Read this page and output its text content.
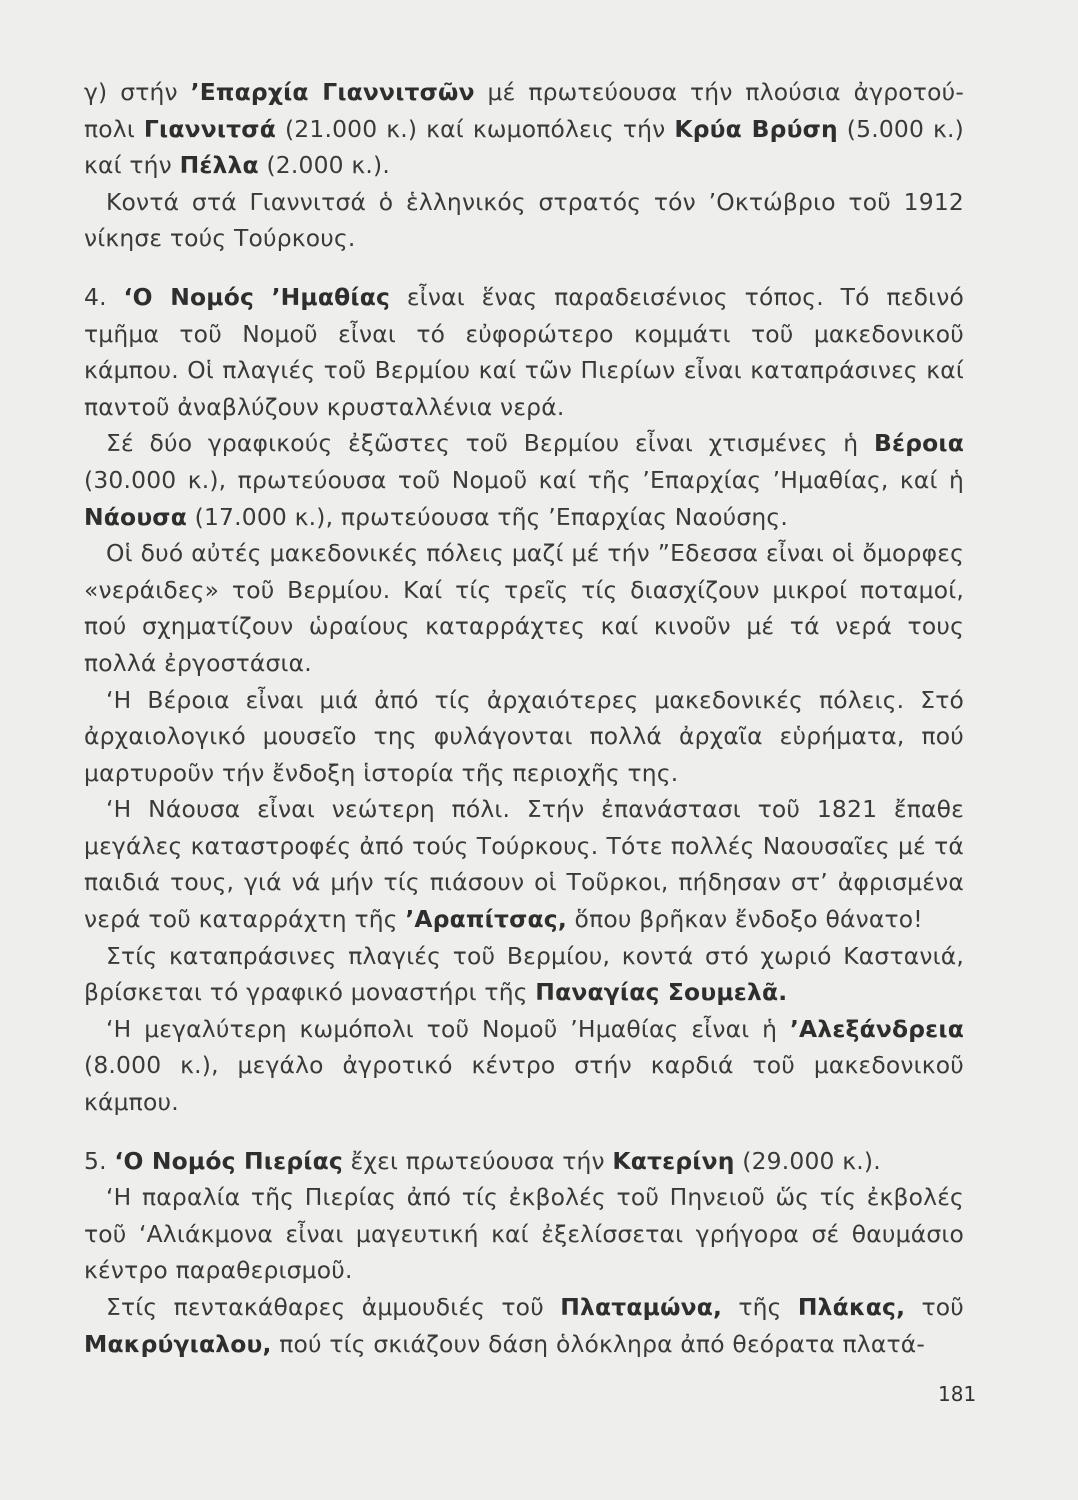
γ) στήν ’Επαρχία Γιαννιτσῶν μέ πρωτεύουσα τήν πλούσια ἀγροτού-πολι Γιαννιτσά (21.000 κ.) καί κωμοπόλεις τήν Κρύα Βρύση (5.000 κ.) καί τήν Πέλλα (2.000 κ.).

Κοντά στά Γιαννιτσά ὁ ἑλληνικός στρατός τόν ’Οκτώβριο τοῦ 1912 νίκησε τούς Τούρκους.

4. ‘Ο Νομός ’Ημαθίας εἶναι ἕνας παραδεισένιος τόπος. Τό πεδινό τμῆμα τοῦ Νομοῦ εἶναι τό εὐφορώτερο κομμάτι τοῦ μακεδονικοῦ κάμπου. Οἱ πλαγιές τοῦ Βερμίου καί τῶν Πιερίων εἶναι καταπράσινες καί παντοῦ ἀναβλύζουν κρυσταλλένια νερά.

Σέ δύο γραφικούς ἐξῶστες τοῦ Βερμίου εἶναι χτισμένες ἡ Βέροια (30.000 κ.), πρωτεύουσα τοῦ Νομοῦ καί τῆς ’Επαρχίας ’Ημαθίας, καί ἡ Νάουσα (17.000 κ.), πρωτεύουσα τῆς ’Επαρχίας Ναούσης.

Οἱ δυό αὐτές μακεδονικές πόλεις μαζί μέ τήν ”Εδεσσα εἶναι οἱ ὄμορφες «νεράιδες» τοῦ Βερμίου. Καί τίς τρεῖς τίς διασχίζουν μικροί ποταμοί, πού σχηματίζουν ὡραίους καταρράχτες καί κινοῦν μέ τά νερά τους πολλά ἐργοστάσια.

‘Η Βέροια εἶναι μιά ἀπό τίς ἀρχαιότερες μακεδονικές πόλεις. Στό ἀρχαιολογικό μουσεῖο της φυλάγονται πολλά ἀρχαῖα εὑρήματα, πού μαρτυροῦν τήν ἔνδοξη ἱστορία τῆς περιοχῆς της.

‘Η Νάουσα εἶναι νεώτερη πόλι. Στήν ἐπανάστασι τοῦ 1821 ἔπαθε μεγάλες καταστροφές ἀπό τούς Τούρκους. Τότε πολλές Ναουσαῖες μέ τά παιδιά τους, γιά νά μήν τίς πιάσουν οἱ Τοῦρκοι, πήδησαν στ’ ἀφρισμένα νερά τοῦ καταρράχτη τῆς ’Αραπίτσας, ὅπου βρῆκαν ἔνδοξο θάνατο!

Στίς καταπράσινες πλαγιές τοῦ Βερμίου, κοντά στό χωριό Καστανιά, βρίσκεται τό γραφικό μοναστήρι τῆς Παναγίας Σουμελᾶ.

‘Η μεγαλύτερη κωμόπολι τοῦ Νομοῦ ’Ημαθίας εἶναι ἡ ’Αλεξάνδρεια (8.000 κ.), μεγάλο ἀγροτικό κέντρο στήν καρδιά τοῦ μακεδονικοῦ κάμπου.

5. ‘Ο Νομός Πιερίας ἔχει πρωτεύουσα τήν Κατερίνη (29.000 κ.).

‘Η παραλία τῆς Πιερίας ἀπό τίς ἐκβολές τοῦ Πηνειοῦ ὥς τίς ἐκβολές τοῦ ‘Αλιάκμονα εἶναι μαγευτική καί ἐξελίσσεται γρήγορα σέ θαυμάσιο κέντρο παραθερισμοῦ.

Στίς πεντακάθαρες ἀμμουδιές τοῦ Πλαταμώνα, τῆς Πλάκας, τοῦ Μακρύγιαλου, πού τίς σκιάζουν δάση ὁλόκληρα ἀπό θεόρατα πλατά-

181
